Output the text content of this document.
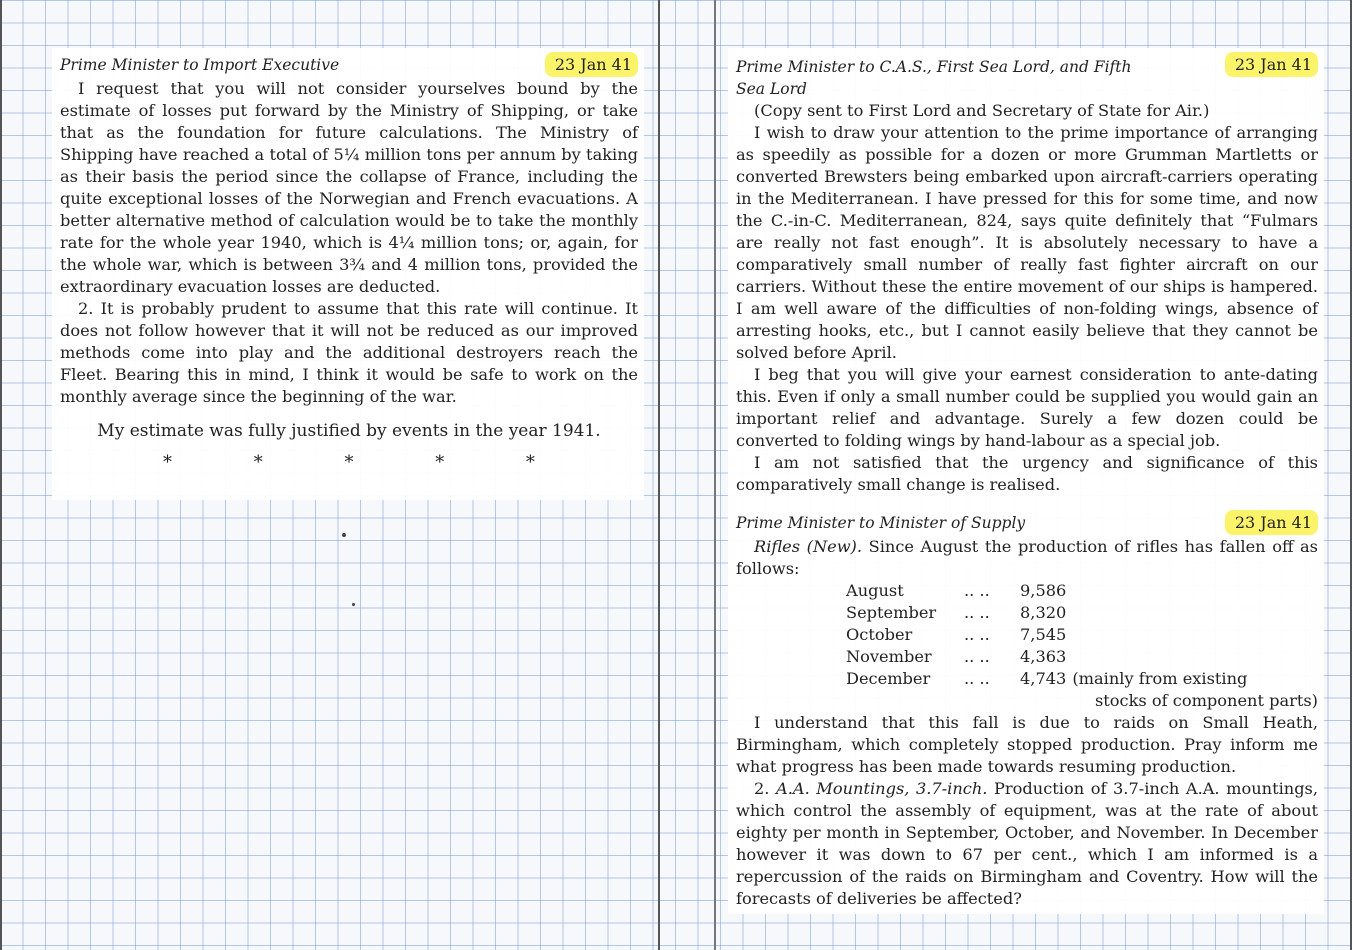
Prime Minister to Import Executive	23 Jan 41

I request that you will not consider yourselves bound by the estimate of losses put forward by the Ministry of Shipping, or take that as the foundation for future calculations. The Ministry of Shipping have reached a total of 5¼ million tons per annum by taking as their basis the period since the collapse of France, including the quite exceptional losses of the Norwegian and French evacuations. A better alternative method of calculation would be to take the monthly rate for the whole year 1940, which is 4¼ million tons; or, again, for the whole war, which is between 3¾ and 4 million tons, provided the extraordinary evacuation losses are deducted.

2. It is probably prudent to assume that this rate will continue. It does not follow however that it will not be reduced as our improved methods come into play and the additional destroyers reach the Fleet. Bearing this in mind, I think it would be safe to work on the monthly average since the beginning of the war.

My estimate was fully justified by events in the year 1941.

* * * * *
Prime Minister to C.A.S., First Sea Lord, and Fifth Sea Lord
23 Jan 41

(Copy sent to First Lord and Secretary of State for Air.)

I wish to draw your attention to the prime importance of arranging as speedily as possible for a dozen or more Grumman Martletts or converted Brewsters being embarked upon aircraft-carriers operating in the Mediterranean. I have pressed for this for some time, and now the C.-in-C. Mediterranean, 824, says quite definitely that “Fulmars are really not fast enough”. It is absolutely necessary to have a comparatively small number of really fast fighter aircraft on our carriers. Without these the entire movement of our ships is hampered. I am well aware of the difficulties of non-folding wings, absence of arresting hooks, etc., but I cannot easily believe that they cannot be solved before April.

I beg that you will give your earnest consideration to ante-dating this. Even if only a small number could be supplied you would gain an important relief and advantage. Surely a few dozen could be converted to folding wings by hand-labour as a special job.

I am not satisfied that the urgency and significance of this comparatively small change is realised.

Prime Minister to Minister of Supply	23 Jan 41

Rifles (New). Since August the production of rifles has fallen off as follows:

August	.. ..	9,586	
September	.. ..	8,320	
October	.. ..	7,545	
November	.. ..	4,363	
December	.. ..	4,743	(mainly from existing

stocks of component parts)

I understand that this fall is due to raids on Small Heath, Birmingham, which completely stopped production. Pray inform me what progress has been made towards resuming production.

2. A.A. Mountings, 3.7-inch. Production of 3.7-inch A.A. mountings, which control the assembly of equipment, was at the rate of about eighty per month in September, October, and November. In December however it was down to 67 per cent., which I am informed is a repercussion of the raids on Birmingham and Coventry. How will the forecasts of deliveries be affected?
